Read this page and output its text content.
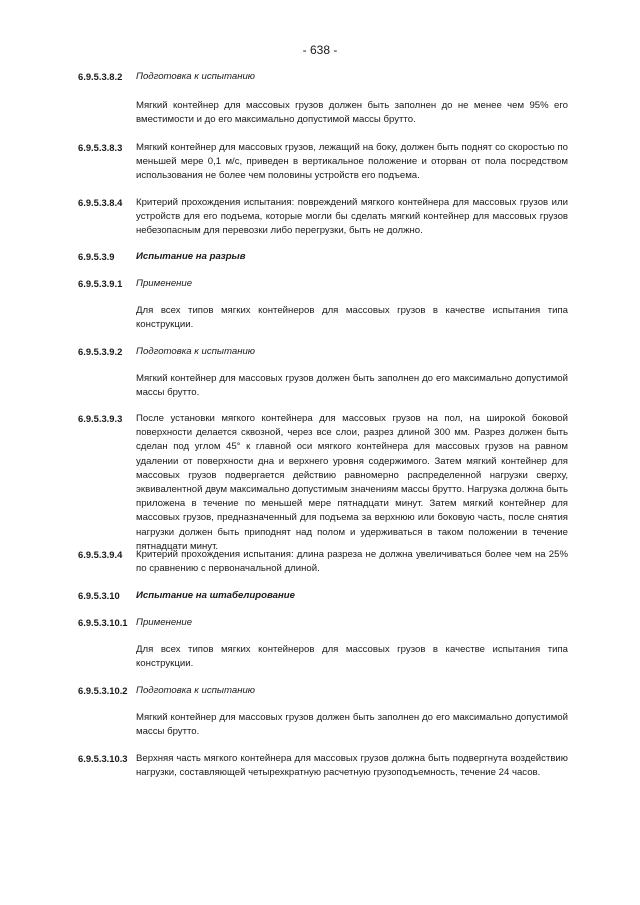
- 638 -
6.9.5.3.8.2 Подготовка к испытанию
Мягкий контейнер для массовых грузов должен быть заполнен до не менее чем 95% его вместимости и до его максимально допустимой массы брутто.
6.9.5.3.8.3 Мягкий контейнер для массовых грузов, лежащий на боку, должен быть поднят со скоростью по меньшей мере 0,1 м/с, приведен в вертикальное положение и оторван от пола посредством использования не более чем половины устройств его подъема.
6.9.5.3.8.4 Критерий прохождения испытания: повреждений мягкого контейнера для массовых грузов или устройств для его подъема, которые могли бы сделать мягкий контейнер для массовых грузов небезопасным для перевозки либо перегрузки, быть не должно.
6.9.5.3.9 Испытание на разрыв
6.9.5.3.9.1 Применение
Для всех типов мягких контейнеров для массовых грузов в качестве испытания типа конструкции.
6.9.5.3.9.2 Подготовка к испытанию
Мягкий контейнер для массовых грузов должен быть заполнен до его максимально допустимой массы брутто.
6.9.5.3.9.3 После установки мягкого контейнера для массовых грузов на пол, на широкой боковой поверхности делается сквозной, через все слои, разрез длиной 300 мм. Разрез должен быть сделан под углом 45° к главной оси мягкого контейнера для массовых грузов на равном удалении от поверхности дна и верхнего уровня содержимого. Затем мягкий контейнер для массовых грузов подвергается действию равномерно распределенной нагрузки сверху, эквивалентной двум максимально допустимым значениям массы брутто. Нагрузка должна быть приложена в течение по меньшей мере пятнадцати минут. Затем мягкий контейнер для массовых грузов, предназначенный для подъема за верхнюю или боковую часть, после снятия нагрузки должен быть приподнят над полом и удерживаться в таком положении в течение пятнадцати минут.
6.9.5.3.9.4 Критерий прохождения испытания: длина разреза не должна увеличиваться более чем на 25% по сравнению с первоначальной длиной.
6.9.5.3.10 Испытание на штабелирование
6.9.5.3.10.1 Применение
Для всех типов мягких контейнеров для массовых грузов в качестве испытания типа конструкции.
6.9.5.3.10.2 Подготовка к испытанию
Мягкий контейнер для массовых грузов должен быть заполнен до его максимально допустимой массы брутто.
6.9.5.3.10.3 Верхняя часть мягкого контейнера для массовых грузов должна быть подвергнута воздействию нагрузки, составляющей четырехкратную расчетную грузоподъемность, течение 24 часов.
